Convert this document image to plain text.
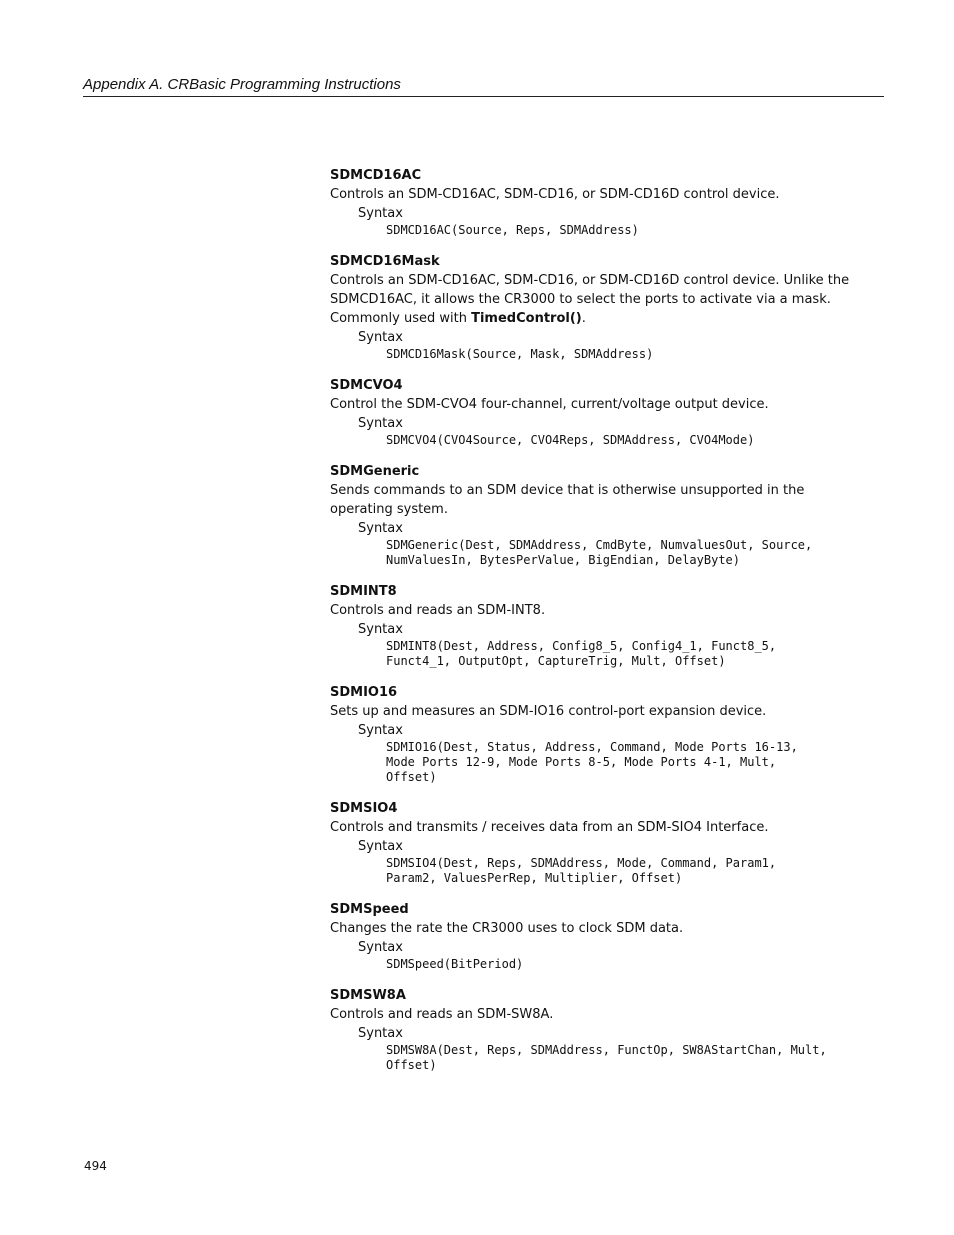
Appendix A. CRBasic Programming Instructions
SDMCD16AC
Controls an SDM-CD16AC, SDM-CD16, or SDM-CD16D control device.
Syntax
SDMCD16AC(Source, Reps, SDMAddress)
SDMCD16Mask
Controls an SDM-CD16AC, SDM-CD16, or SDM-CD16D control device. Unlike the SDMCD16AC, it allows the CR3000 to select the ports to activate via a mask. Commonly used with TimedControl().
Syntax
SDMCD16Mask(Source, Mask, SDMAddress)
SDMCVO4
Control the SDM-CVO4 four-channel, current/voltage output device.
Syntax
SDMCVO4(CVO4Source, CVO4Reps, SDMAddress, CVO4Mode)
SDMGeneric
Sends commands to an SDM device that is otherwise unsupported in the operating system.
Syntax
SDMGeneric(Dest, SDMAddress, CmdByte, NumvaluesOut, Source,
NumValuesIn, BytesPerValue, BigEndian, DelayByte)
SDMINT8
Controls and reads an SDM-INT8.
Syntax
SDMINT8(Dest, Address, Config8_5, Config4_1, Funct8_5,
Funct4_1, OutputOpt, CaptureTrig, Mult, Offset)
SDMIO16
Sets up and measures an SDM-IO16 control-port expansion device.
Syntax
SDMIO16(Dest, Status, Address, Command, Mode Ports 16-13,
Mode Ports 12-9, Mode Ports 8-5, Mode Ports 4-1, Mult,
Offset)
SDMSIO4
Controls and transmits / receives data from an SDM-SIO4 Interface.
Syntax
SDMSIO4(Dest, Reps, SDMAddress, Mode, Command, Param1,
Param2, ValuesPerRep, Multiplier, Offset)
SDMSpeed
Changes the rate the CR3000 uses to clock SDM data.
Syntax
SDMSpeed(BitPeriod)
SDMSW8A
Controls and reads an SDM-SW8A.
Syntax
SDMSW8A(Dest, Reps, SDMAddress, FunctOp, SW8AStartChan, Mult,
Offset)
494
